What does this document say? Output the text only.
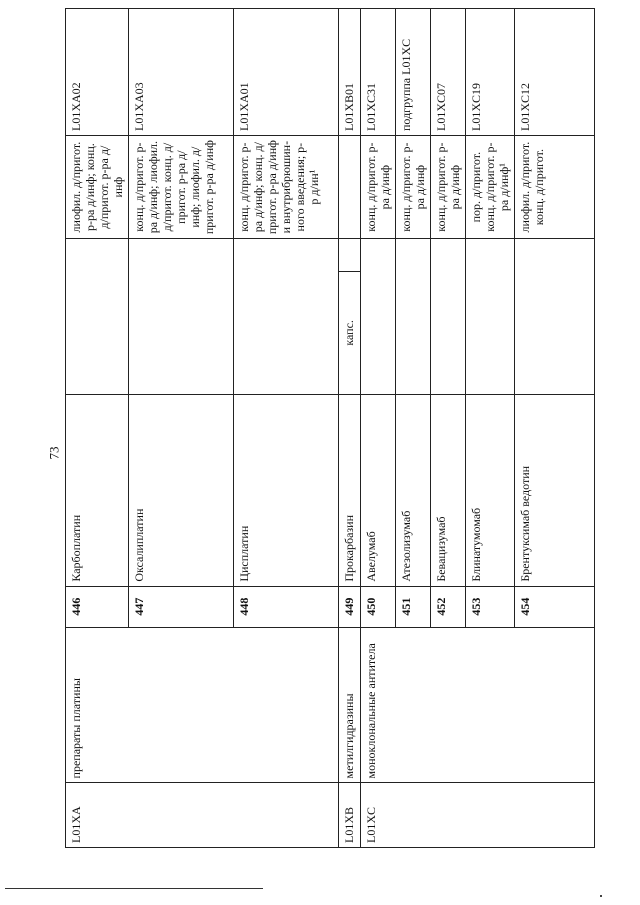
73
L01XA	препараты платины	446	Карбоплатин			лиофил. д/пригот. р-ра д/инф; конц. д/пригот. р-ра д/инф	L01XA02
		447	Оксалиплатин			конц. д/пригот. р-ра д/инф; лиофил. д/пригот. конц. д/пригот. р-ра д/инф; лиофил. д/пригот. р-ра д/инф	L01XA03
		448	Цисплатин			конц. д/пригот. р-ра д/инф; конц. д/пригот. р-ра д/инф и внутрибрюшин-ного введения; р-р д/ин¹	L01XA01
L01XB	метилгидразины	449	Прокарбазин	капс.			L01XB01
L01XC	моноклональные антитела	450	Авелумаб			конц. д/пригот. р-ра д/инф	L01XC31
		451	Атезолизумаб			конц. д/пригот. р-ра д/инф	подгруппа L01XC
		452	Бевацизумаб			конц. д/пригот. р-ра д/инф	L01XC07
		453	Блинатумомаб			пор. д/пригот. конц. д/пригот. р-ра д/инф¹	L01XC19
		454	Брентуксимаб ведотин			лиофил. д/пригот. конц. д/пригот.	L01XC12
